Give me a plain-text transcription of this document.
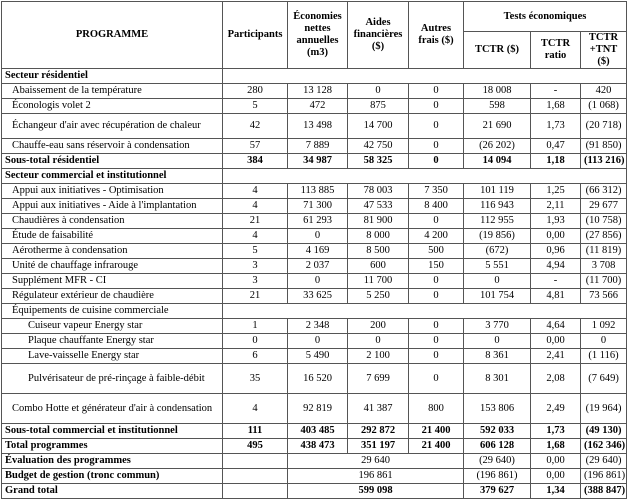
PROGRAMME	Participants	Économies nettes annuelles (m3)	Aides financières ($)	Autres frais ($)	Tests économiques		
					TCTR ($)	TCTR ratio	TCTR +TNT ($)
Secteur résidentiel							
Abaissement de la température	280	13 128	0	0	18 008	-	420
Éconologis volet 2	5	472	875	0	598	1,68	(1 068)
Échangeur d'air avec récupération de chaleur	42	13 498	14 700	0	21 690	1,73	(20 718)
Chauffe-eau sans réservoir à condensation	57	7 889	42 750	0	(26 202)	0,47	(91 850)
Sous-total résidentiel	384	34 987	58 325	0	14 094	1,18	(113 216)
Secteur commercial et institutionnel							
Appui aux initiatives - Optimisation	4	113 885	78 003	7 350	101 119	1,25	(66 312)
Appui aux initiatives - Aide à l'implantation	4	71 300	47 533	8 400	116 943	2,11	29 677
Chaudières à condensation	21	61 293	81 900	0	112 955	1,93	(10 758)
Étude de faisabilité	4	0	8 000	4 200	(19 856)	0,00	(27 856)
Aérotherme à condensation	5	4 169	8 500	500	(672)	0,96	(11 819)
Unité de chauffage infrarouge	3	2 037	600	150	5 551	4,94	3 708
Supplément MFR - CI	3	0	11 700	0	0	-	(11 700)
Régulateur extérieur de chaudière	21	33 625	5 250	0	101 754	4,81	73 566
Équipements de cuisine commerciale							
Cuiseur vapeur Energy star	1	2 348	200	0	3 770	4,64	1 092
Plaque chauffante Energy star	0	0	0	0	0	0,00	0
Lave-vaisselle Energy star	6	5 490	2 100	0	8 361	2,41	(1 116)
Pulvérisateur de pré-rinçage à faible-débit	35	16 520	7 699	0	8 301	2,08	(7 649)
Combo Hotte et générateur d'air à condensation	4	92 819	41 387	800	153 806	2,49	(19 964)
Sous-total commercial et institutionnel	111	403 485	292 872	21 400	592 033	1,73	(49 130)
Total programmes	495	438 473	351 197	21 400	606 128	1,68	(162 346)
Évaluation des programmes		29 640			(29 640)	0,00	(29 640)
Budget de gestion (tronc commun)		196 861			(196 861)	0,00	(196 861)
Grand total		599 098			379 627	1,34	(388 847)
